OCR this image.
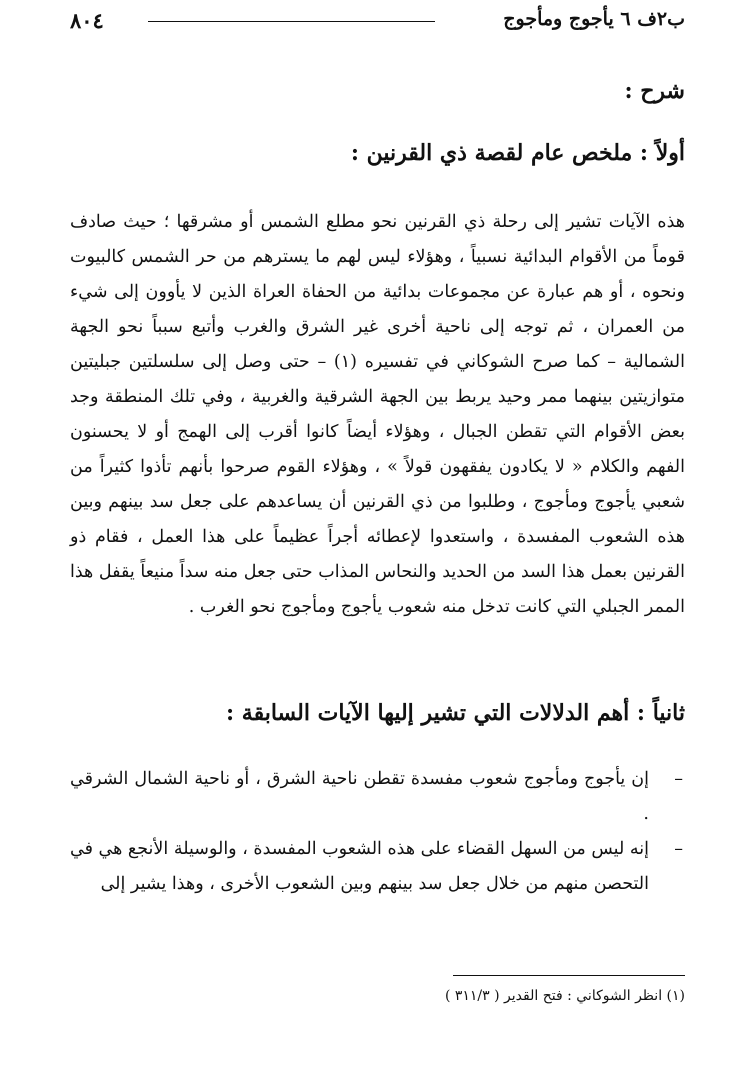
ب٢ف ٦ يأجوج ومأجوج
٨٠٤
شرح :
أولاً : ملخص عام لقصة ذي القرنين :
هذه الآيات تشير إلى رحلة ذي القرنين نحو مطلع الشمس أو مشرقها ؛ حيث صادف قوماً من الأقوام البدائية نسبياً ، وهؤلاء ليس لهم ما يسترهم من حر الشمس كالبيوت ونحوه ، أو هم عبارة عن مجموعات بدائية من الحفاة العراة الذين لا يأوون إلى شيء من العمران ، ثم توجه إلى ناحية أخرى غير الشرق والغرب وأتبع سبباً نحو الجهة الشمالية – كما صرح الشوكاني في تفسيره (١) – حتى وصل إلى سلسلتين جبليتين متوازيتين بينهما ممر وحيد يربط بين الجهة الشرقية والغربية ، وفي تلك المنطقة وجد بعض الأقوام التي تقطن الجبال ، وهؤلاء أيضاً كانوا أقرب إلى الهمج أو لا يحسنون الفهم والكلام « لا يكادون يفقهون قولاً » ، وهؤلاء القوم صرحوا بأنهم تأذوا كثيراً من شعبي يأجوج ومأجوج ، وطلبوا من ذي القرنين أن يساعدهم على جعل سد بينهم وبين هذه الشعوب المفسدة ، واستعدوا لإعطائه أجراً عظيماً على هذا العمل ، فقام ذو القرنين بعمل هذا السد من الحديد والنحاس المذاب حتى جعل منه سداً منيعاً يقفل هذا الممر الجبلي التي كانت تدخل منه شعوب يأجوج ومأجوج نحو الغرب .
ثانياً : أهم الدلالات التي تشير إليها الآيات السابقة :
–
إن يأجوج ومأجوج شعوب مفسدة تقطن ناحية الشرق ، أو ناحية الشمال الشرقي .
–
إنه ليس من السهل القضاء على هذه الشعوب المفسدة ، والوسيلة الأنجع هي في التحصن منهم من خلال جعل سد بينهم وبين الشعوب الأخرى ، وهذا يشير إلى
(١) انظر الشوكاني : فتح القدير ( ٣١١/٣ )
